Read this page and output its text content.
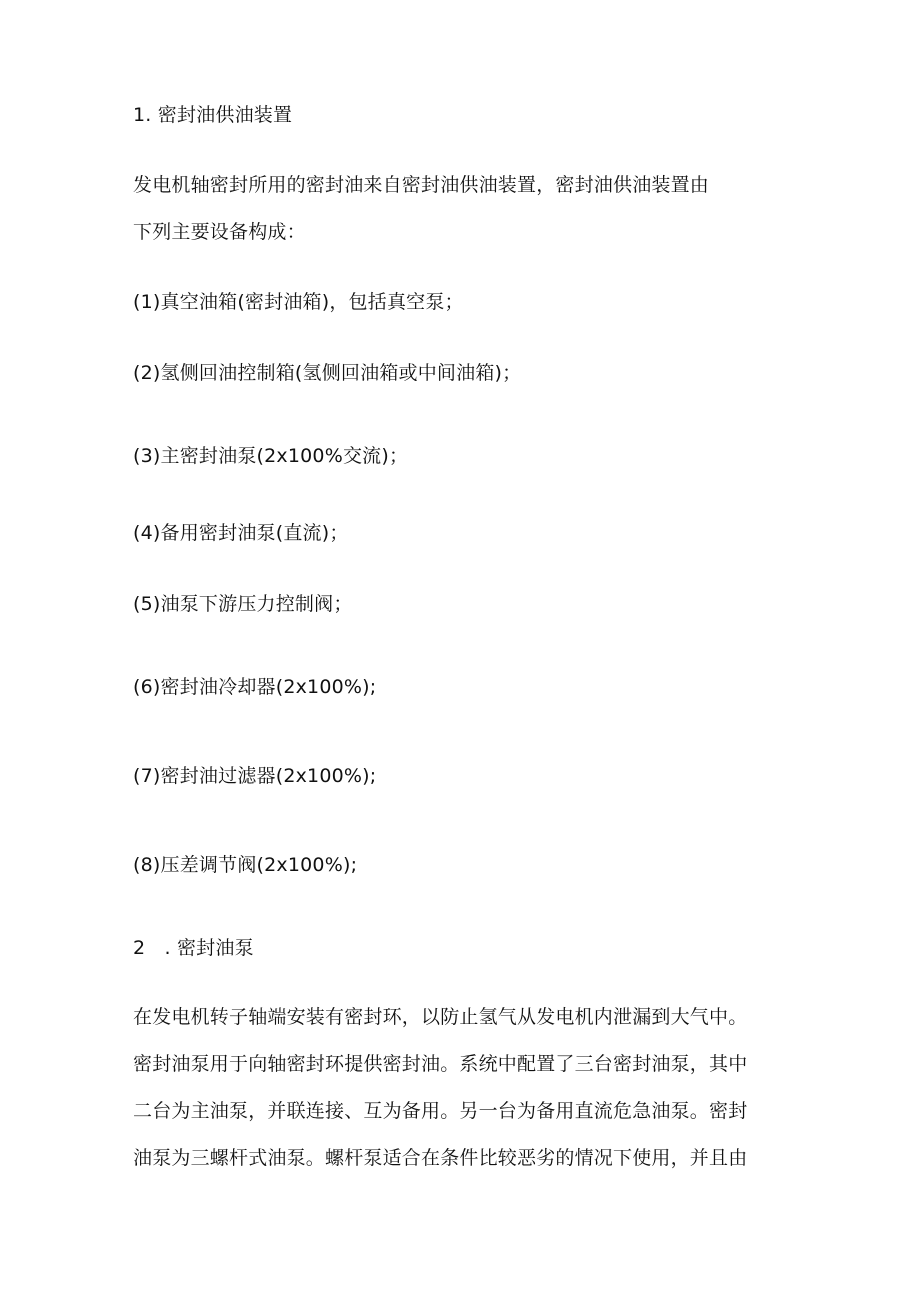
1. 密封油供油装置
发电机轴密封所用的密封油来自密封油供油装置，密封油供油装置由
下列主要设备构成：
(1)真空油箱(密封油箱)，包括真空泵；
(2)氢侧回油控制箱(氢侧回油箱或中间油箱)；
(3)主密封油泵(2x100%交流)；
(4)备用密封油泵(直流)；
(5)油泵下游压力控制阀；
(6)密封油冷却器(2x100%);
(7)密封油过滤器(2x100%);
(8)压差调节阀(2x100%);
2　. 密封油泵
在发电机转子轴端安装有密封环，以防止氢气从发电机内泄漏到大气中。
密封油泵用于向轴密封环提供密封油。系统中配置了三台密封油泵，其中
二台为主油泵，并联连接、互为备用。另一台为备用直流危急油泵。密封
油泵为三螺杆式油泵。螺杆泵适合在条件比较恶劣的情况下使用，并且由
